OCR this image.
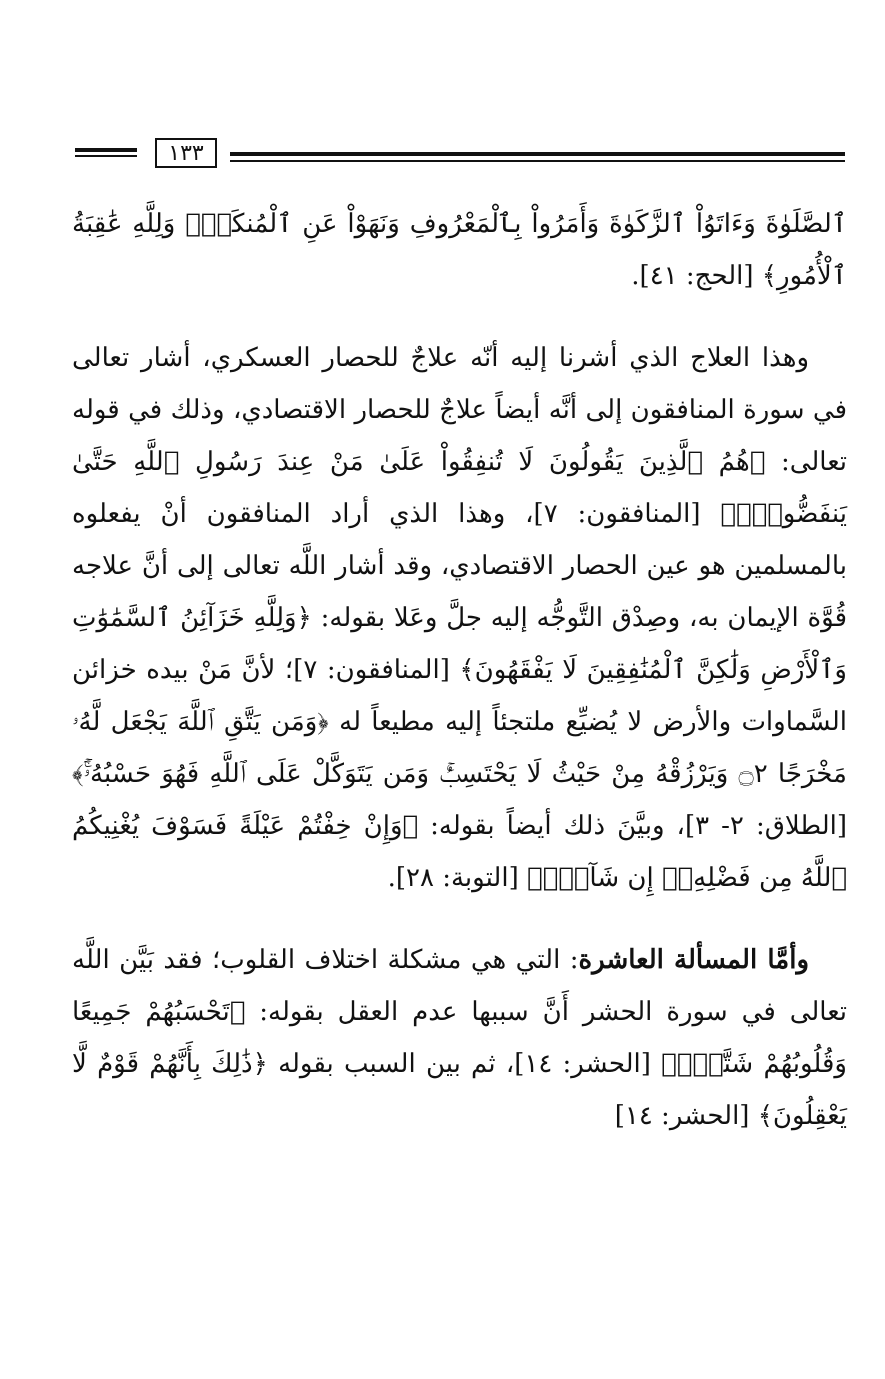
١٣٣

ٱلصَّلَوٰةَ وَءَاتَوُاْ ٱلزَّكَوٰةَ وَأَمَرُواْ بِٱلْمَعْرُوفِ وَنَهَوْاْ عَنِ ٱلْمُنكَرِۗ وَلِلَّهِ عَٰقِبَةُ ٱلْأُمُورِ﴾ [الحج: ٤١].

وهذا العلاج الذي أشرنا إليه أنّه علاجٌ للحصار العسكري، أشار تعالى في سورة المنافقون إلى أنَّه أيضاً علاجٌ للحصار الاقتصادي، وذلك في قوله تعالى: ﴿هُمُ ٱلَّذِينَ يَقُولُونَ لَا تُنفِقُواْ عَلَىٰ مَنْ عِندَ رَسُولِ ٱللَّهِ حَتَّىٰ يَنفَضُّواْۗ﴾ [المنافقون: ٧]، وهذا الذي أراد المنافقون أنْ يفعلوه بالمسلمين هو عين الحصار الاقتصادي، وقد أشار اللَّه تعالى إلى أنَّ علاجه قُوَّة الإيمان به، وصِدْق التَّوجُّه إليه جلَّ وعَلا بقوله: ﴿وَلِلَّهِ خَزَآئِنُ ٱلسَّمَٰوَٰتِ وَٱلْأَرْضِ وَلَٰكِنَّ ٱلْمُنَٰفِقِينَ لَا يَفْقَهُونَ﴾ [المنافقون: ٧]؛ لأنَّ مَنْ بيده خزائن السَّماوات والأرض لا يُضيِّع ملتجئاً إليه مطيعاً له ﴿وَمَن يَتَّقِ ٱللَّهَ يَجْعَل لَّهُۥ مَخْرَجًا ۝٢ وَيَرْزُقْهُ مِنْ حَيْثُ لَا يَحْتَسِبُۚ وَمَن يَتَوَكَّلْ عَلَى ٱللَّهِ فَهُوَ حَسْبُهُۥٓۚ﴾ [الطلاق: ٢- ٣]، وبيَّنَ ذلك أيضاً بقوله: ﴿وَإِنْ خِفْتُمْ عَيْلَةً فَسَوْفَ يُغْنِيكُمُ ٱللَّهُ مِن فَضْلِهِۦٓ إِن شَآءَۚ﴾ [التوبة: ٢٨].

وأمَّا المسألة العاشرة: التي هي مشكلة اختلاف القلوب؛ فقد بَيَّن اللَّه تعالى في سورة الحشر أَنَّ سببها عدم العقل بقوله: ﴿تَحْسَبُهُمْ جَمِيعًا وَقُلُوبُهُمْ شَتَّىٰۚ﴾ [الحشر: ١٤]، ثم بين السبب بقوله ﴿ذَٰلِكَ بِأَنَّهُمْ قَوْمٌ لَّا يَعْقِلُونَ﴾ [الحشر: ١٤]
